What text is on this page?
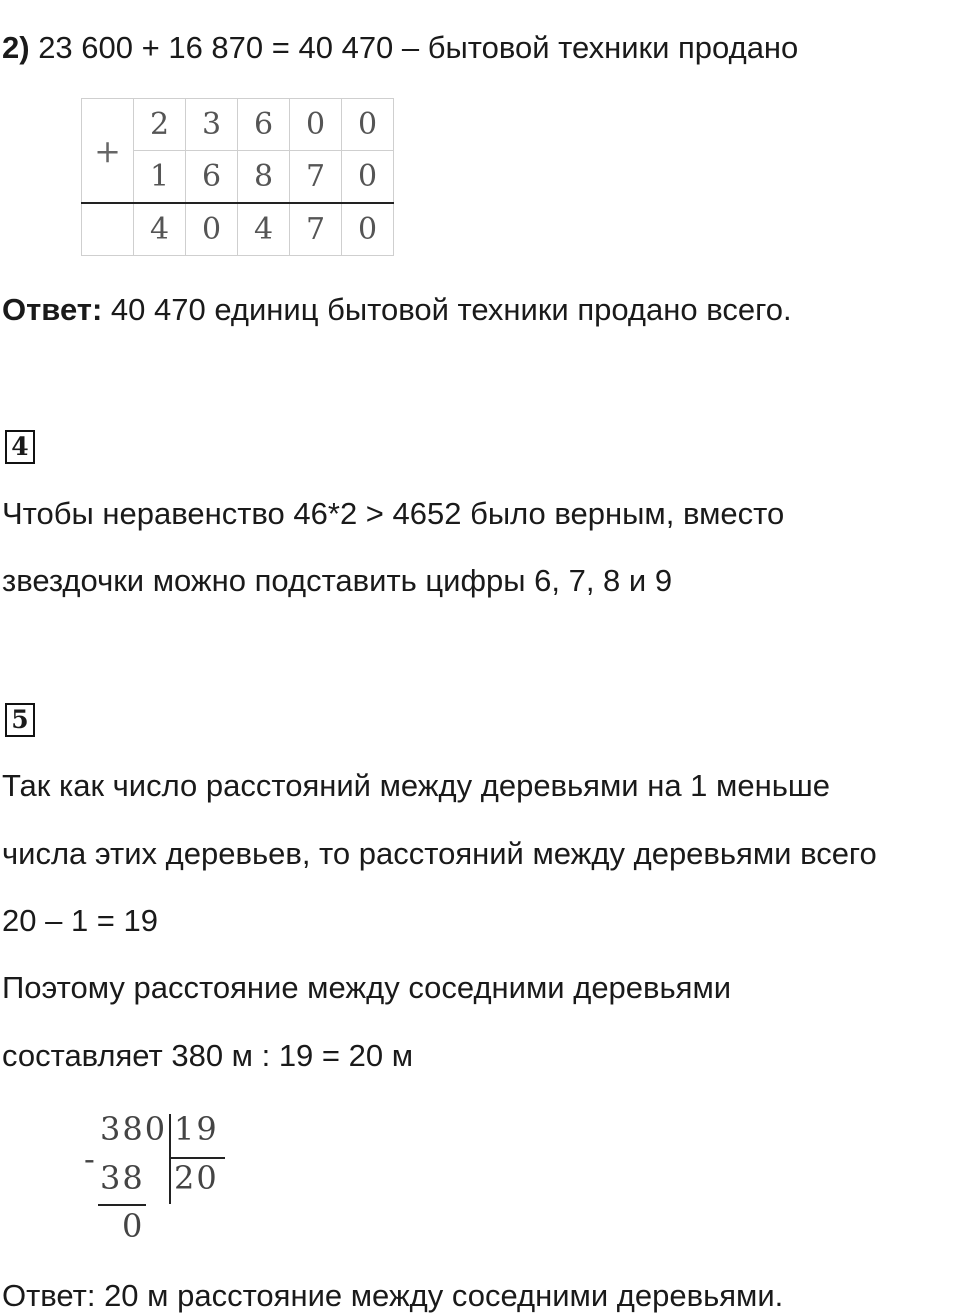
2) 23 600 + 16 870 = 40 470 – бытовой техники продано
+	2	3	6	0	0
	1	6	8	7	0
	4	0	4	7	0
Ответ: 40 470 единиц бытовой техники продано всего.
4
Чтобы неравенство 46*2 > 4652 было верным, вместо
звездочки можно подставить цифры 6, 7, 8 и 9
5
Так как число расстояний между деревьями на 1 меньше
числа этих деревьев, то расстояний между деревьями всего
20 – 1 = 19
Поэтому расстояние между соседними деревьями
составляет 380 м : 19 = 20 м
-
380 19
38 20
0
Ответ: 20 м расстояние между соседними деревьями.
